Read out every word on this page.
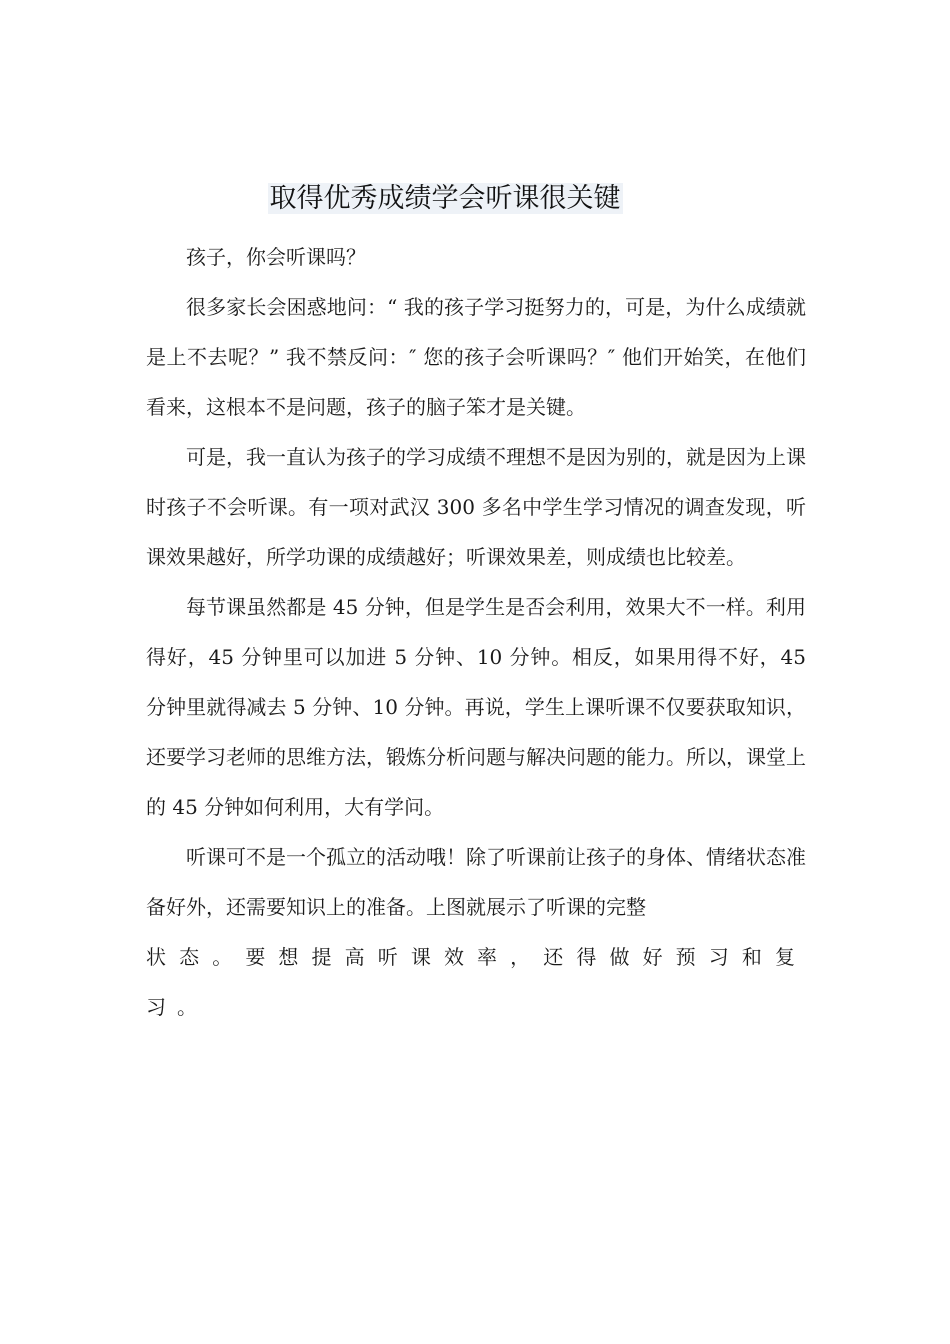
取得优秀成绩学会听课很关键

孩子，你会听课吗？

很多家长会困惑地问：“ 我的孩子学习挺努力的，可是，为什么成绩就是上不去呢？” 我不禁反问：″ 您的孩子会听课吗？″ 他们开始笑，在他们看来，这根本不是问题，孩子的脑子笨才是关键。

可是，我一直认为孩子的学习成绩不理想不是因为别的，就是因为上课时孩子不会听课。有一项对武汉 300 多名中学生学习情况的调查发现，听课效果越好，所学功课的成绩越好；听课效果差，则成绩也比较差。

每节课虽然都是 45 分钟，但是学生是否会利用，效果大不一样。利用得好，45 分钟里可以加进 5 分钟、10 分钟。相反，如果用得不好，45 分钟里就得减去 5 分钟、10 分钟。再说，学生上课听课不仅要获取知识，还要学习老师的思维方法，锻炼分析问题与解决问题的能力。所以，课堂上的 45 分钟如何利用，大有学问。

听课可不是一个孤立的活动哦！除了听课前让孩子的身体、情绪状态准备好外，还需要知识上的准备。上图就展示了听课的完整

状态。要想提高听课效率，还得做好预习和复习。
